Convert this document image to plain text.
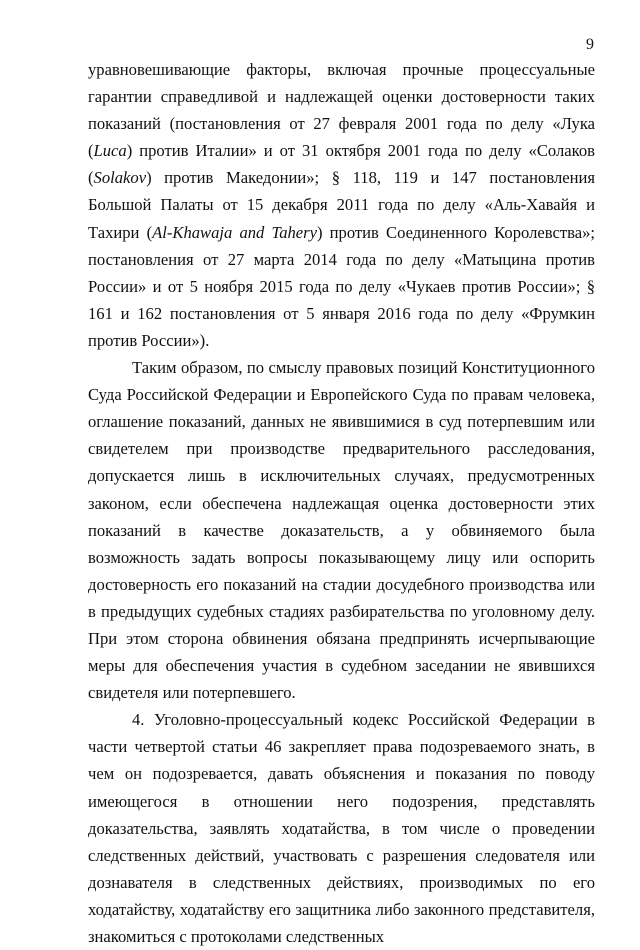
9

уравновешивающие факторы, включая прочные процессуальные гарантии справедливой и надлежащей оценки достоверности таких показаний (постановления от 27 февраля 2001 года по делу «Лука (Luca) против Италии» и от 31 октября 2001 года по делу «Солаков (Solakov) против Македонии»; § 118, 119 и 147 постановления Большой Палаты от 15 декабря 2011 года по делу «Аль-Хавайя и Тахири (Al-Khawaja and Tahery) против Соединенного Королевства»; постановления от 27 марта 2014 года по делу «Матыцина против России» и от 5 ноября 2015 года по делу «Чукаев против России»; § 161 и 162 постановления от 5 января 2016 года по делу «Фрумкин против России»).

Таким образом, по смыслу правовых позиций Конституционного Суда Российской Федерации и Европейского Суда по правам человека, оглашение показаний, данных не явившимися в суд потерпевшим или свидетелем при производстве предварительного расследования, допускается лишь в исключительных случаях, предусмотренных законом, если обеспечена надлежащая оценка достоверности этих показаний в качестве доказательств, а у обвиняемого была возможность задать вопросы показывающему лицу или оспорить достоверность его показаний на стадии досудебного производства или в предыдущих судебных стадиях разбирательства по уголовному делу. При этом сторона обвинения обязана предпринять исчерпывающие меры для обеспечения участия в судебном заседании не явившихся свидетеля или потерпевшего.

4. Уголовно-процессуальный кодекс Российской Федерации в части четвертой статьи 46 закрепляет права подозреваемого знать, в чем он подозревается, давать объяснения и показания по поводу имеющегося в отношении него подозрения, представлять доказательства, заявлять ходатайства, в том числе о проведении следственных действий, участвовать с разрешения следователя или дознавателя в следственных действиях, производимых по его ходатайству, ходатайству его защитника либо законного представителя, знакомиться с протоколами следственных
